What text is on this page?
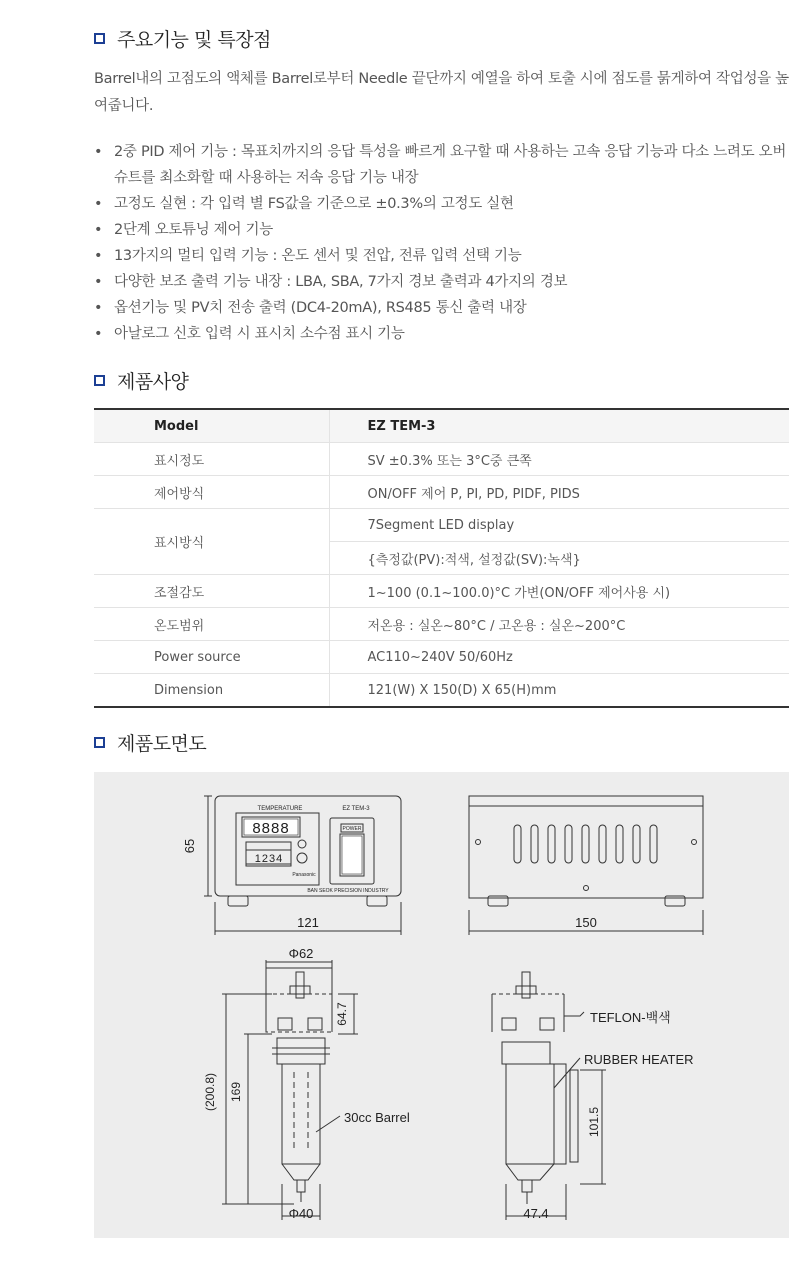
주요기능 및 특장점
Barrel내의 고점도의 액체를 Barrel로부터 Needle 끝단까지 예열을 하여 토출 시에 점도를 묽게하여 작업성을 높여줍니다.
• 2중 PID 제어 기능 : 목표치까지의 응답 특성을 빠르게 요구할 때 사용하는 고속 응답 기능과 다소 느려도 오버슈트를 최소화할 때 사용하는 저속 응답 기능 내장
• 고정도 실현 : 각 입력 별 FS값을 기준으로 ±0.3%의 고정도 실현
• 2단계 오토튜닝 제어 기능
• 13가지의 멀티 입력 기능 : 온도 센서 및 전압, 전류 입력 선택 기능
• 다양한 보조 출력 기능 내장 : LBA, SBA, 7가지 경보 출력과 4가지의 경보
• 옵션기능 및 PV치 전송 출력 (DC4-20mA), RS485 통신 출력 내장
• 아날로그 신호 입력 시 표시치 소수점 표시 기능
제품사양
Model	EZ TEM-3
표시정도	SV ±0.3% 또는 3°C중 큰쪽
제어방식	ON/OFF 제어 P, PI, PD, PIDF, PIDS
표시방식	7Segment LED display
	{측정값(PV):적색, 설정값(SV):녹색}
조절감도	1~100 (0.1~100.0)°C 가변(ON/OFF 제어사용 시)
온도범위	저온용 : 실온~80°C / 고온용 : 실온~200°C
Power source	AC110~240V 50/60Hz
Dimension	121(W) X 150(D) X 65(H)mm
제품도면도
TEMPERATURE	EZ TEM-3
POWER
8888
1234
Panasonic
BAN SEOK PRECISION INDUSTRY
65
121	150
Φ62
64.7
(200.8) 169
Φ40
30cc Barrel
TEFLON-백색
RUBBER HEATER
101.5
47.4
